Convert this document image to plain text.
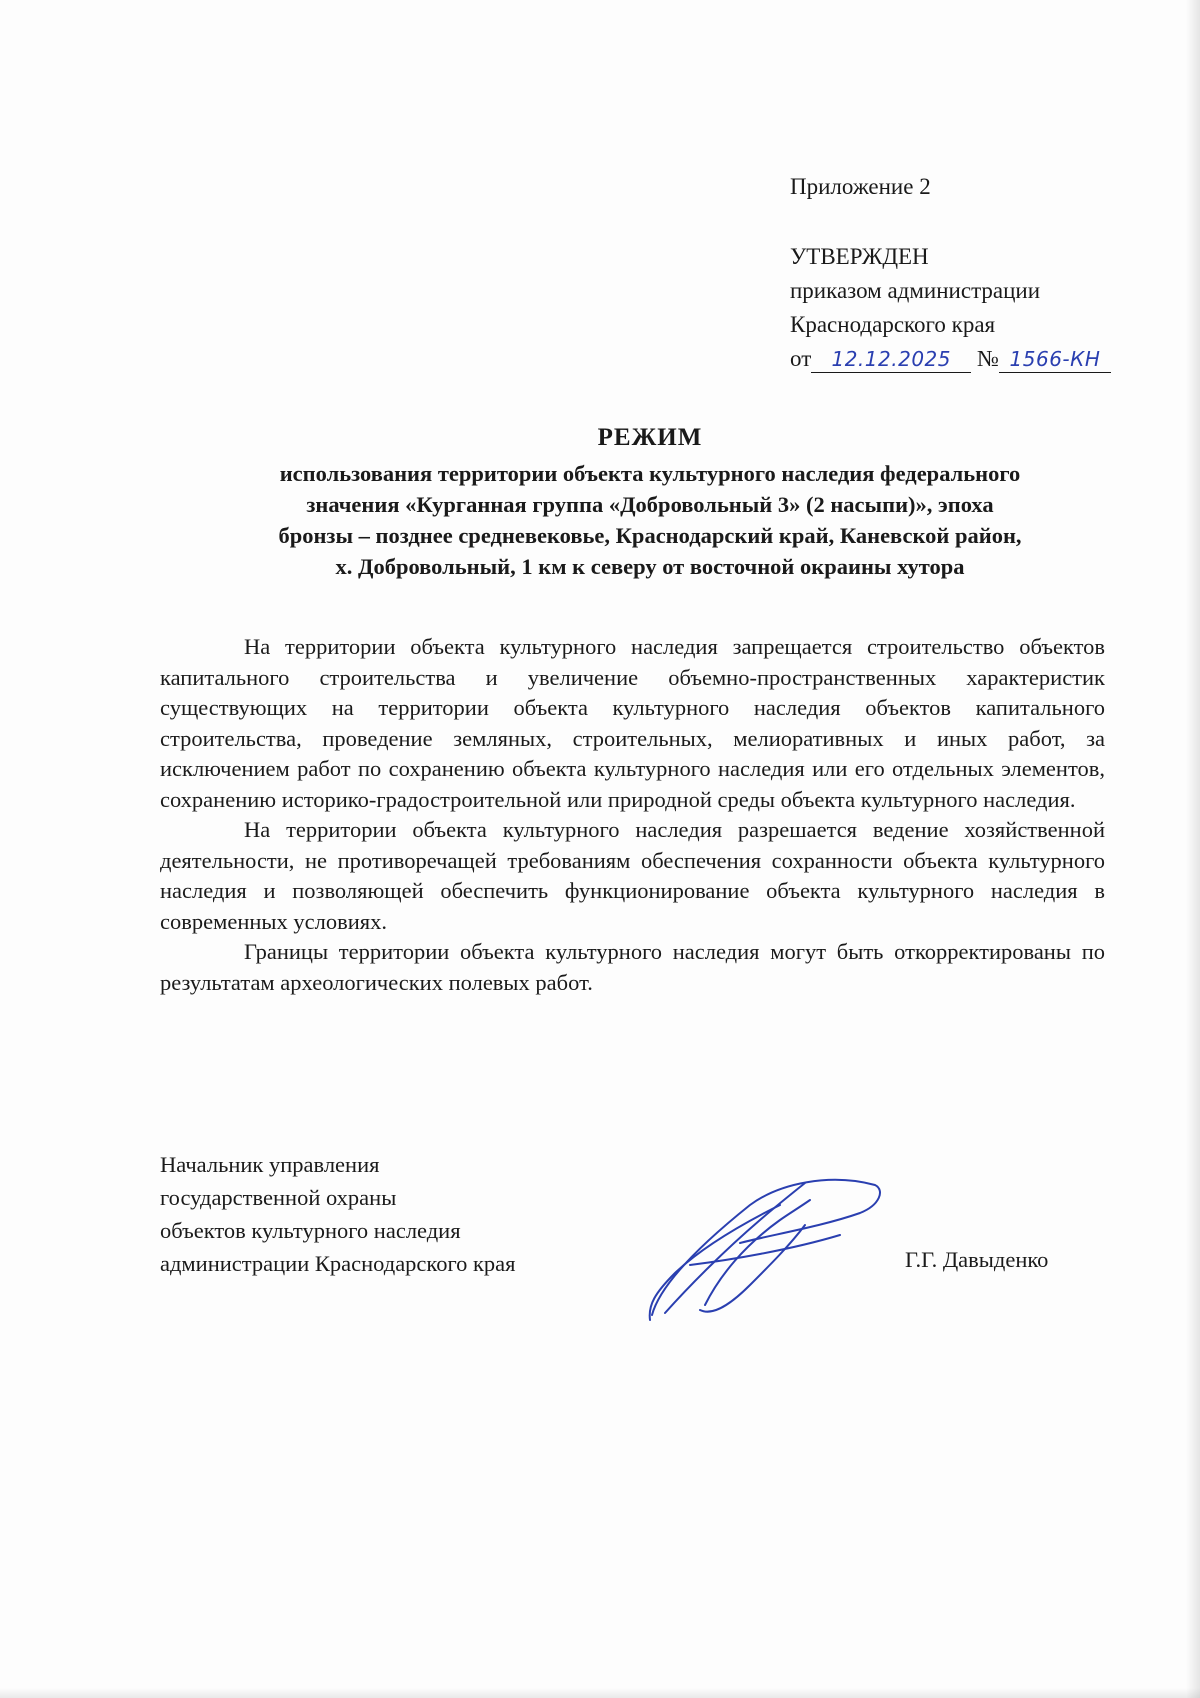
Приложение 2
УТВЕРЖДЕН
приказом администрации
Краснодарского края
от 12.12.2025 № 1566-КН
РЕЖИМ
использования территории объекта культурного наследия федерального
значения «Курганная группа «Добровольный 3» (2 насыпи)», эпоха
бронзы – позднее средневековье, Краснодарский край, Каневской район,
х. Добровольный, 1 км к северу от восточной окраины хутора

На территории объекта культурного наследия запрещается строительство объектов капитального строительства и увеличение объемно-пространственных характеристик существующих на территории объекта культурного наследия объектов капитального строительства, проведение земляных, строительных, мелиоративных и иных работ, за исключением работ по сохранению объекта культурного наследия или его отдельных элементов, сохранению историко-градостроительной или природной среды объекта культурного наследия.

На территории объекта культурного наследия разрешается ведение хозяйственной деятельности, не противоречащей требованиям обеспечения сохранности объекта культурного наследия и позволяющей обеспечить функционирование объекта культурного наследия в современных условиях.

Границы территории объекта культурного наследия могут быть откорректированы по результатам археологических полевых работ.

Начальник управления
государственной охраны
объектов культурного наследия
администрации Краснодарского края	Г.Г. Давыденко
